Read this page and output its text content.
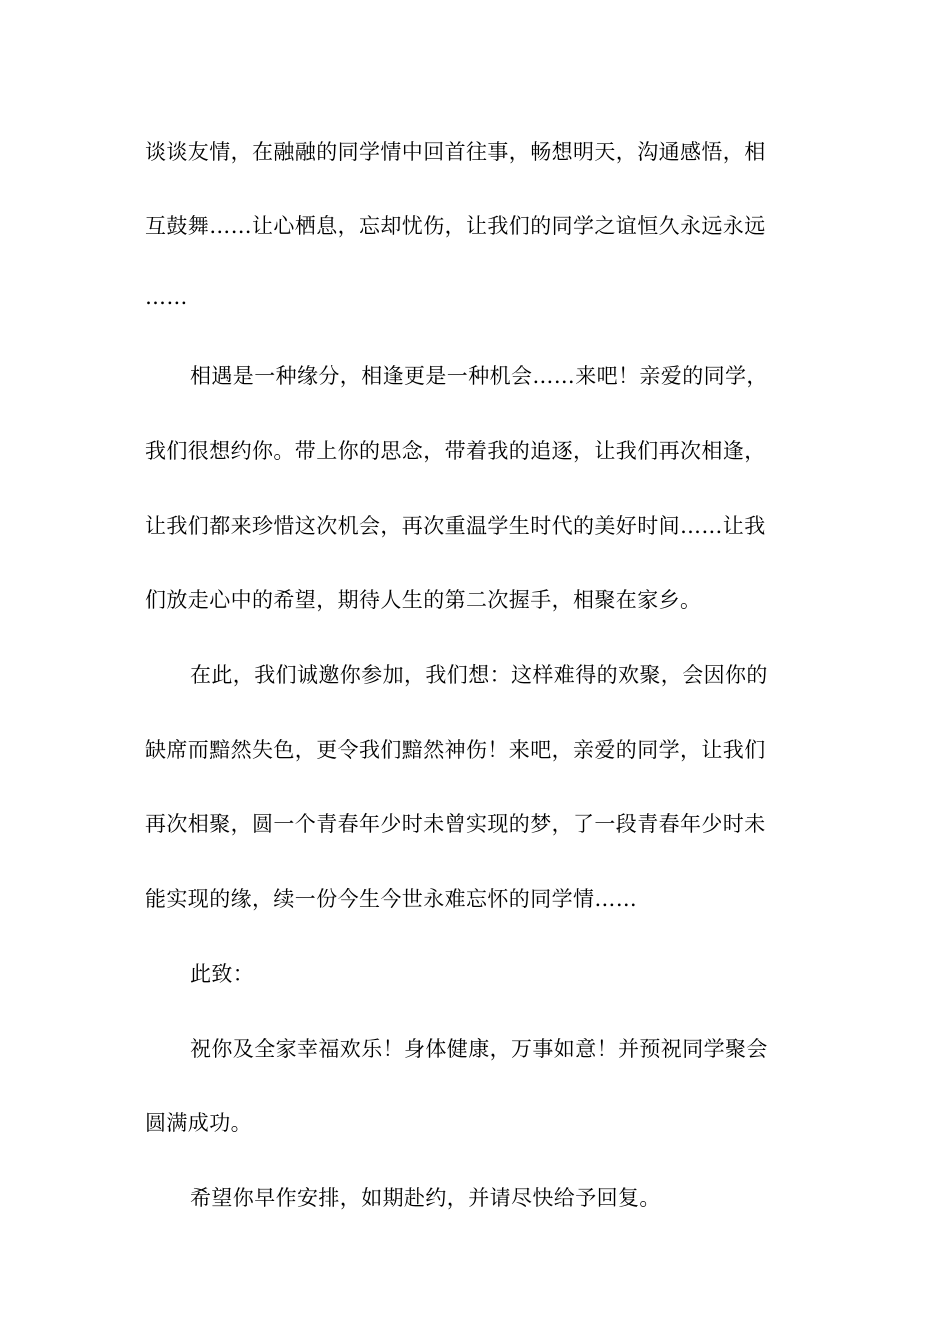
谈谈友情，在融融的同学情中回首往事，畅想明天，沟通感悟，相
互鼓舞……让心栖息，忘却忧伤，让我们的同学之谊恒久永远永远
……
相遇是一种缘分，相逢更是一种机会……来吧！亲爱的同学，
我们很想约你。带上你的思念，带着我的追逐，让我们再次相逢，
让我们都来珍惜这次机会，再次重温学生时代的美好时间……让我
们放走心中的希望，期待人生的第二次握手，相聚在家乡。
在此，我们诚邀你参加，我们想：这样难得的欢聚，会因你的
缺席而黯然失色，更令我们黯然神伤！来吧，亲爱的同学，让我们
再次相聚，圆一个青春年少时未曾实现的梦，了一段青春年少时未
能实现的缘，续一份今生今世永难忘怀的同学情……
此致：
祝你及全家幸福欢乐！身体健康，万事如意！并预祝同学聚会
圆满成功。
希望你早作安排，如期赴约，并请尽快给予回复。
